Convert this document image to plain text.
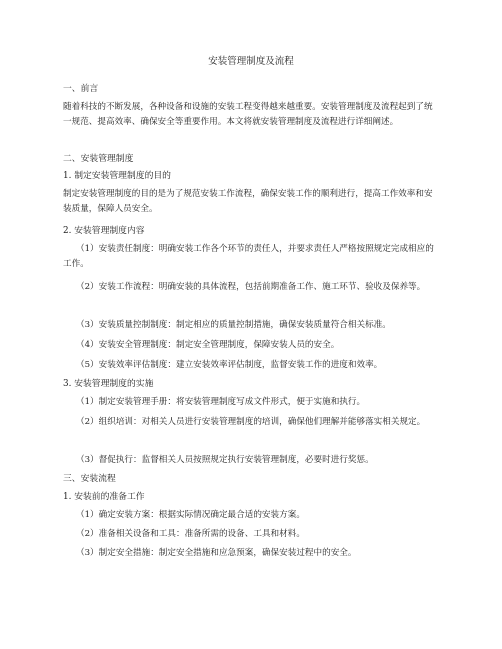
安装管理制度及流程
一、前言
随着科技的不断发展，各种设备和设施的安装工程变得越来越重要。安装管理制度及流程起到了统一规范、提高效率、确保安全等重要作用。本文将就安装管理制度及流程进行详细阐述。
二、安装管理制度
1. 制定安装管理制度的目的
制定安装管理制度的目的是为了规范安装工作流程，确保安装工作的顺利进行，提高工作效率和安装质量，保障人员安全。
2. 安装管理制度内容
（1）安装责任制度：明确安装工作各个环节的责任人，并要求责任人严格按照规定完成相应的工作。
（2）安装工作流程：明确安装的具体流程，包括前期准备工作、施工环节、验收及保养等。
（3）安装质量控制制度：制定相应的质量控制措施，确保安装质量符合相关标准。
（4）安装安全管理制度：制定安全管理制度，保障安装人员的安全。
（5）安装效率评估制度：建立安装效率评估制度，监督安装工作的进度和效率。
3. 安装管理制度的实施
（1）制定安装管理手册：将安装管理制度写成文件形式，便于实施和执行。
（2）组织培训：对相关人员进行安装管理制度的培训，确保他们理解并能够落实相关规定。
（3）督促执行：监督相关人员按照规定执行安装管理制度，必要时进行奖惩。
三、安装流程
1. 安装前的准备工作
（1）确定安装方案：根据实际情况确定最合适的安装方案。
（2）准备相关设备和工具：准备所需的设备、工具和材料。
（3）制定安全措施：制定安全措施和应急预案，确保安装过程中的安全。
